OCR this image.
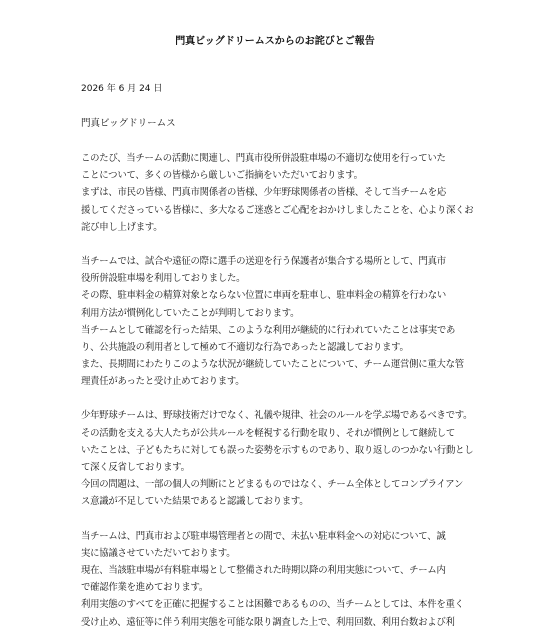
門真ビッグドリームスからのお詫びとご報告
2026 年 6 月 24 日
門真ビッグドリームス
このたび、当チームの活動に関連し、門真市役所併設駐車場の不適切な使用を行っていた
ことについて、多くの皆様から厳しいご指摘をいただいております。
まずは、市民の皆様、門真市関係者の皆様、少年野球関係者の皆様、そして当チームを応
援してくださっている皆様に、多大なるご迷惑とご心配をおかけしましたことを、心より深くお
詫び申し上げます。
当チームでは、試合や遠征の際に選手の送迎を行う保護者が集合する場所として、門真市
役所併設駐車場を利用しておりました。
その際、駐車料金の精算対象とならない位置に車両を駐車し、駐車料金の精算を行わない
利用方法が慣例化していたことが判明しております。
当チームとして確認を行った結果、このような利用が継続的に行われていたことは事実であ
り、公共施設の利用者として極めて不適切な行為であったと認識しております。
また、長期間にわたりこのような状況が継続していたことについて、チーム運営側に重大な管
理責任があったと受け止めております。
少年野球チームは、野球技術だけでなく、礼儀や規律、社会のルールを学ぶ場であるべきです。
その活動を支える大人たちが公共ルールを軽視する行動を取り、それが慣例として継続して
いたことは、子どもたちに対しても誤った姿勢を示すものであり、取り返しのつかない行動とし
て深く反省しております。
今回の問題は、一部の個人の判断にとどまるものではなく、チーム全体としてコンプライアン
ス意識が不足していた結果であると認識しております。
当チームは、門真市および駐車場管理者との間で、未払い駐車料金への対応について、誠
実に協議させていただいております。
現在、当該駐車場が有料駐車場として整備された時期以降の利用実態について、チーム内
で確認作業を進めております。
利用実態のすべてを正確に把握することは困難であるものの、当チームとしては、本件を重く
受け止め、遠征等に伴う利用実態を可能な限り調査した上で、利用回数、利用台数および利
